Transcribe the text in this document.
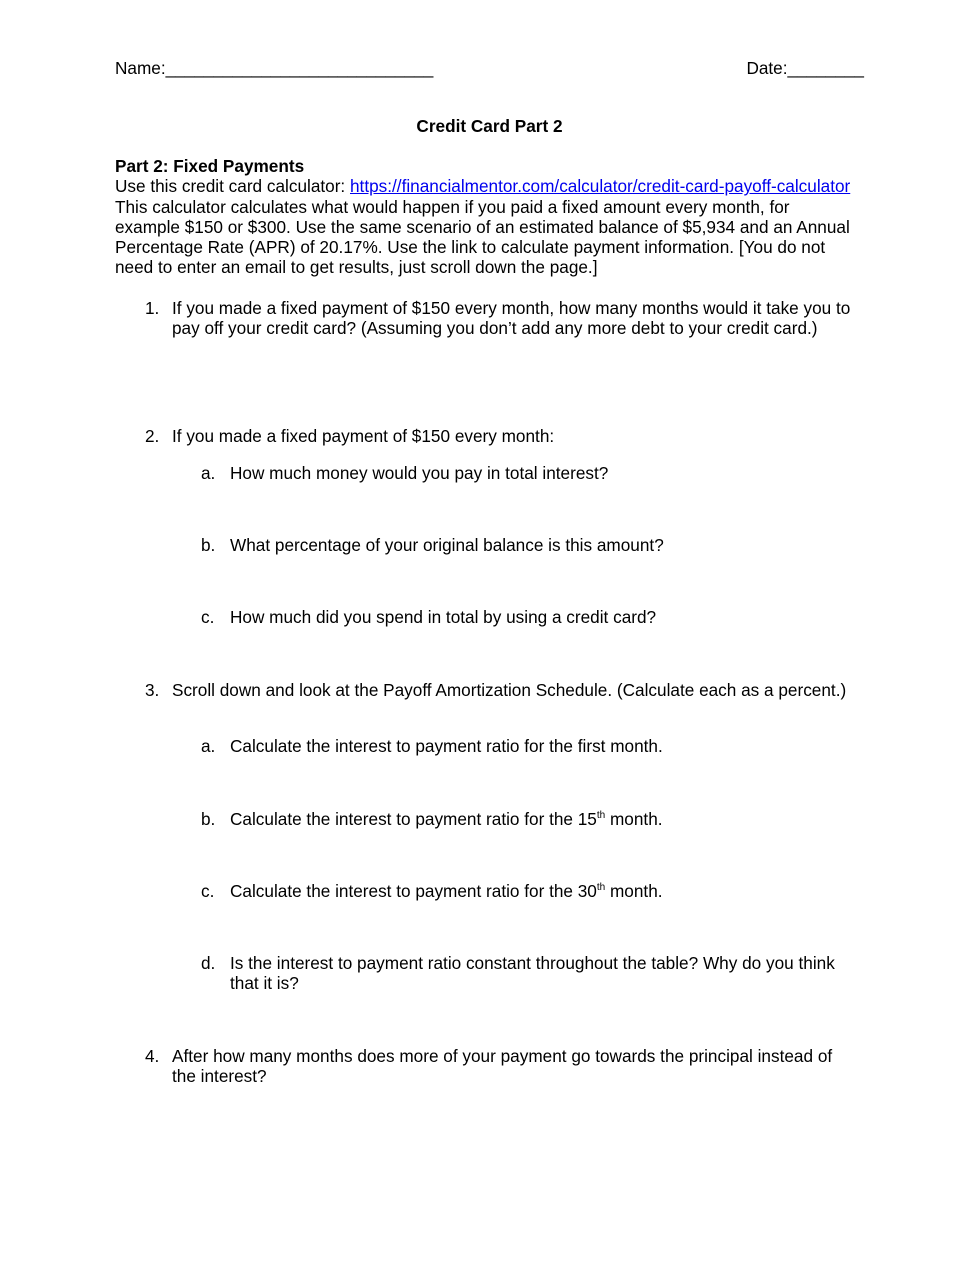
Name:____________________________	Date:________
Credit Card Part 2
Part 2: Fixed Payments
Use this credit card calculator: https://financialmentor.com/calculator/credit-card-payoff-calculator  This calculator calculates what would happen if you paid a fixed amount every month, for example $150 or $300. Use the same scenario of an estimated balance of $5,934 and an Annual Percentage Rate (APR) of 20.17%. Use the link to calculate payment information. [You do not need to enter an email to get results, just scroll down the page.]
1. If you made a fixed payment of $150 every month, how many months would it take you to pay off your credit card? (Assuming you don’t add any more debt to your credit card.)
2. If you made a fixed payment of $150 every month:
a. How much money would you pay in total interest?
b. What percentage of your original balance is this amount?
c. How much did you spend in total by using a credit card?
3. Scroll down and look at the Payoff Amortization Schedule. (Calculate each as a percent.)
a. Calculate the interest to payment ratio for the first month.
b. Calculate the interest to payment ratio for the 15th month.
c. Calculate the interest to payment ratio for the 30th month.
d. Is the interest to payment ratio constant throughout the table? Why do you think that it is?
4. After how many months does more of your payment go towards the principal instead of the interest?
